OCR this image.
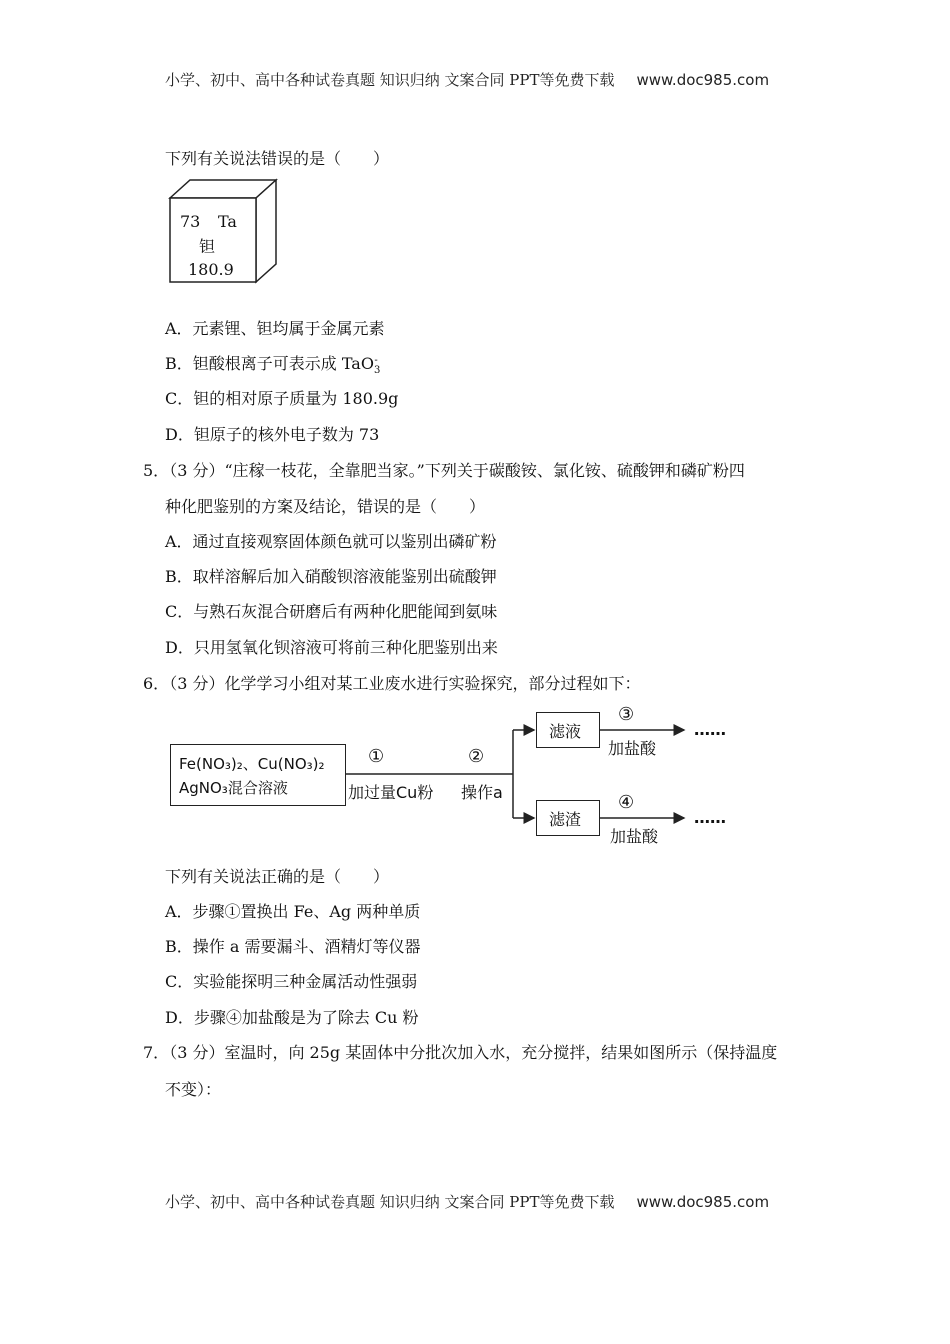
小学、初中、高中各种试卷真题 知识归纳 文案合同 PPT等免费下载 www.doc985.com
下列有关说法错误的是（　　）
73 Ta
钽
180.9
A．元素锂、钽均属于金属元素
B．钽酸根离子可表示成 TaO$_3$-
C．钽的相对原子质量为 180.9g
D．钽原子的核外电子数为 73
5．（3 分）“庄稼一枝花，全靠肥当家。”下列关于碳酸铵、氯化铵、硫酸钾和磷矿粉四
种化肥鉴别的方案及结论，错误的是（　　）
A．通过直接观察固体颜色就可以鉴别出磷矿粉
B．取样溶解后加入硝酸钡溶液能鉴别出硫酸钾
C．与熟石灰混合研磨后有两种化肥能闻到氨味
D．只用氢氧化钡溶液可将前三种化肥鉴别出来
6．（3 分）化学学习小组对某工业废水进行实验探究，部分过程如下：
Fe(NO₃)₂、Cu(NO₃)₂
AgNO₃混合溶液
①
加过量Cu粉
②
操作a
滤液
滤渣
③
加盐酸
……
④
加盐酸
……
下列有关说法正确的是（　　）
A．步骤①置换出 Fe、Ag 两种单质
B．操作 a 需要漏斗、酒精灯等仪器
C．实验能探明三种金属活动性强弱
D．步骤④加盐酸是为了除去 Cu 粉
7．（3 分）室温时，向 25g 某固体中分批次加入水，充分搅拌，结果如图所示（保持温度
不变）：
小学、初中、高中各种试卷真题 知识归纳 文案合同 PPT等免费下载 www.doc985.com
